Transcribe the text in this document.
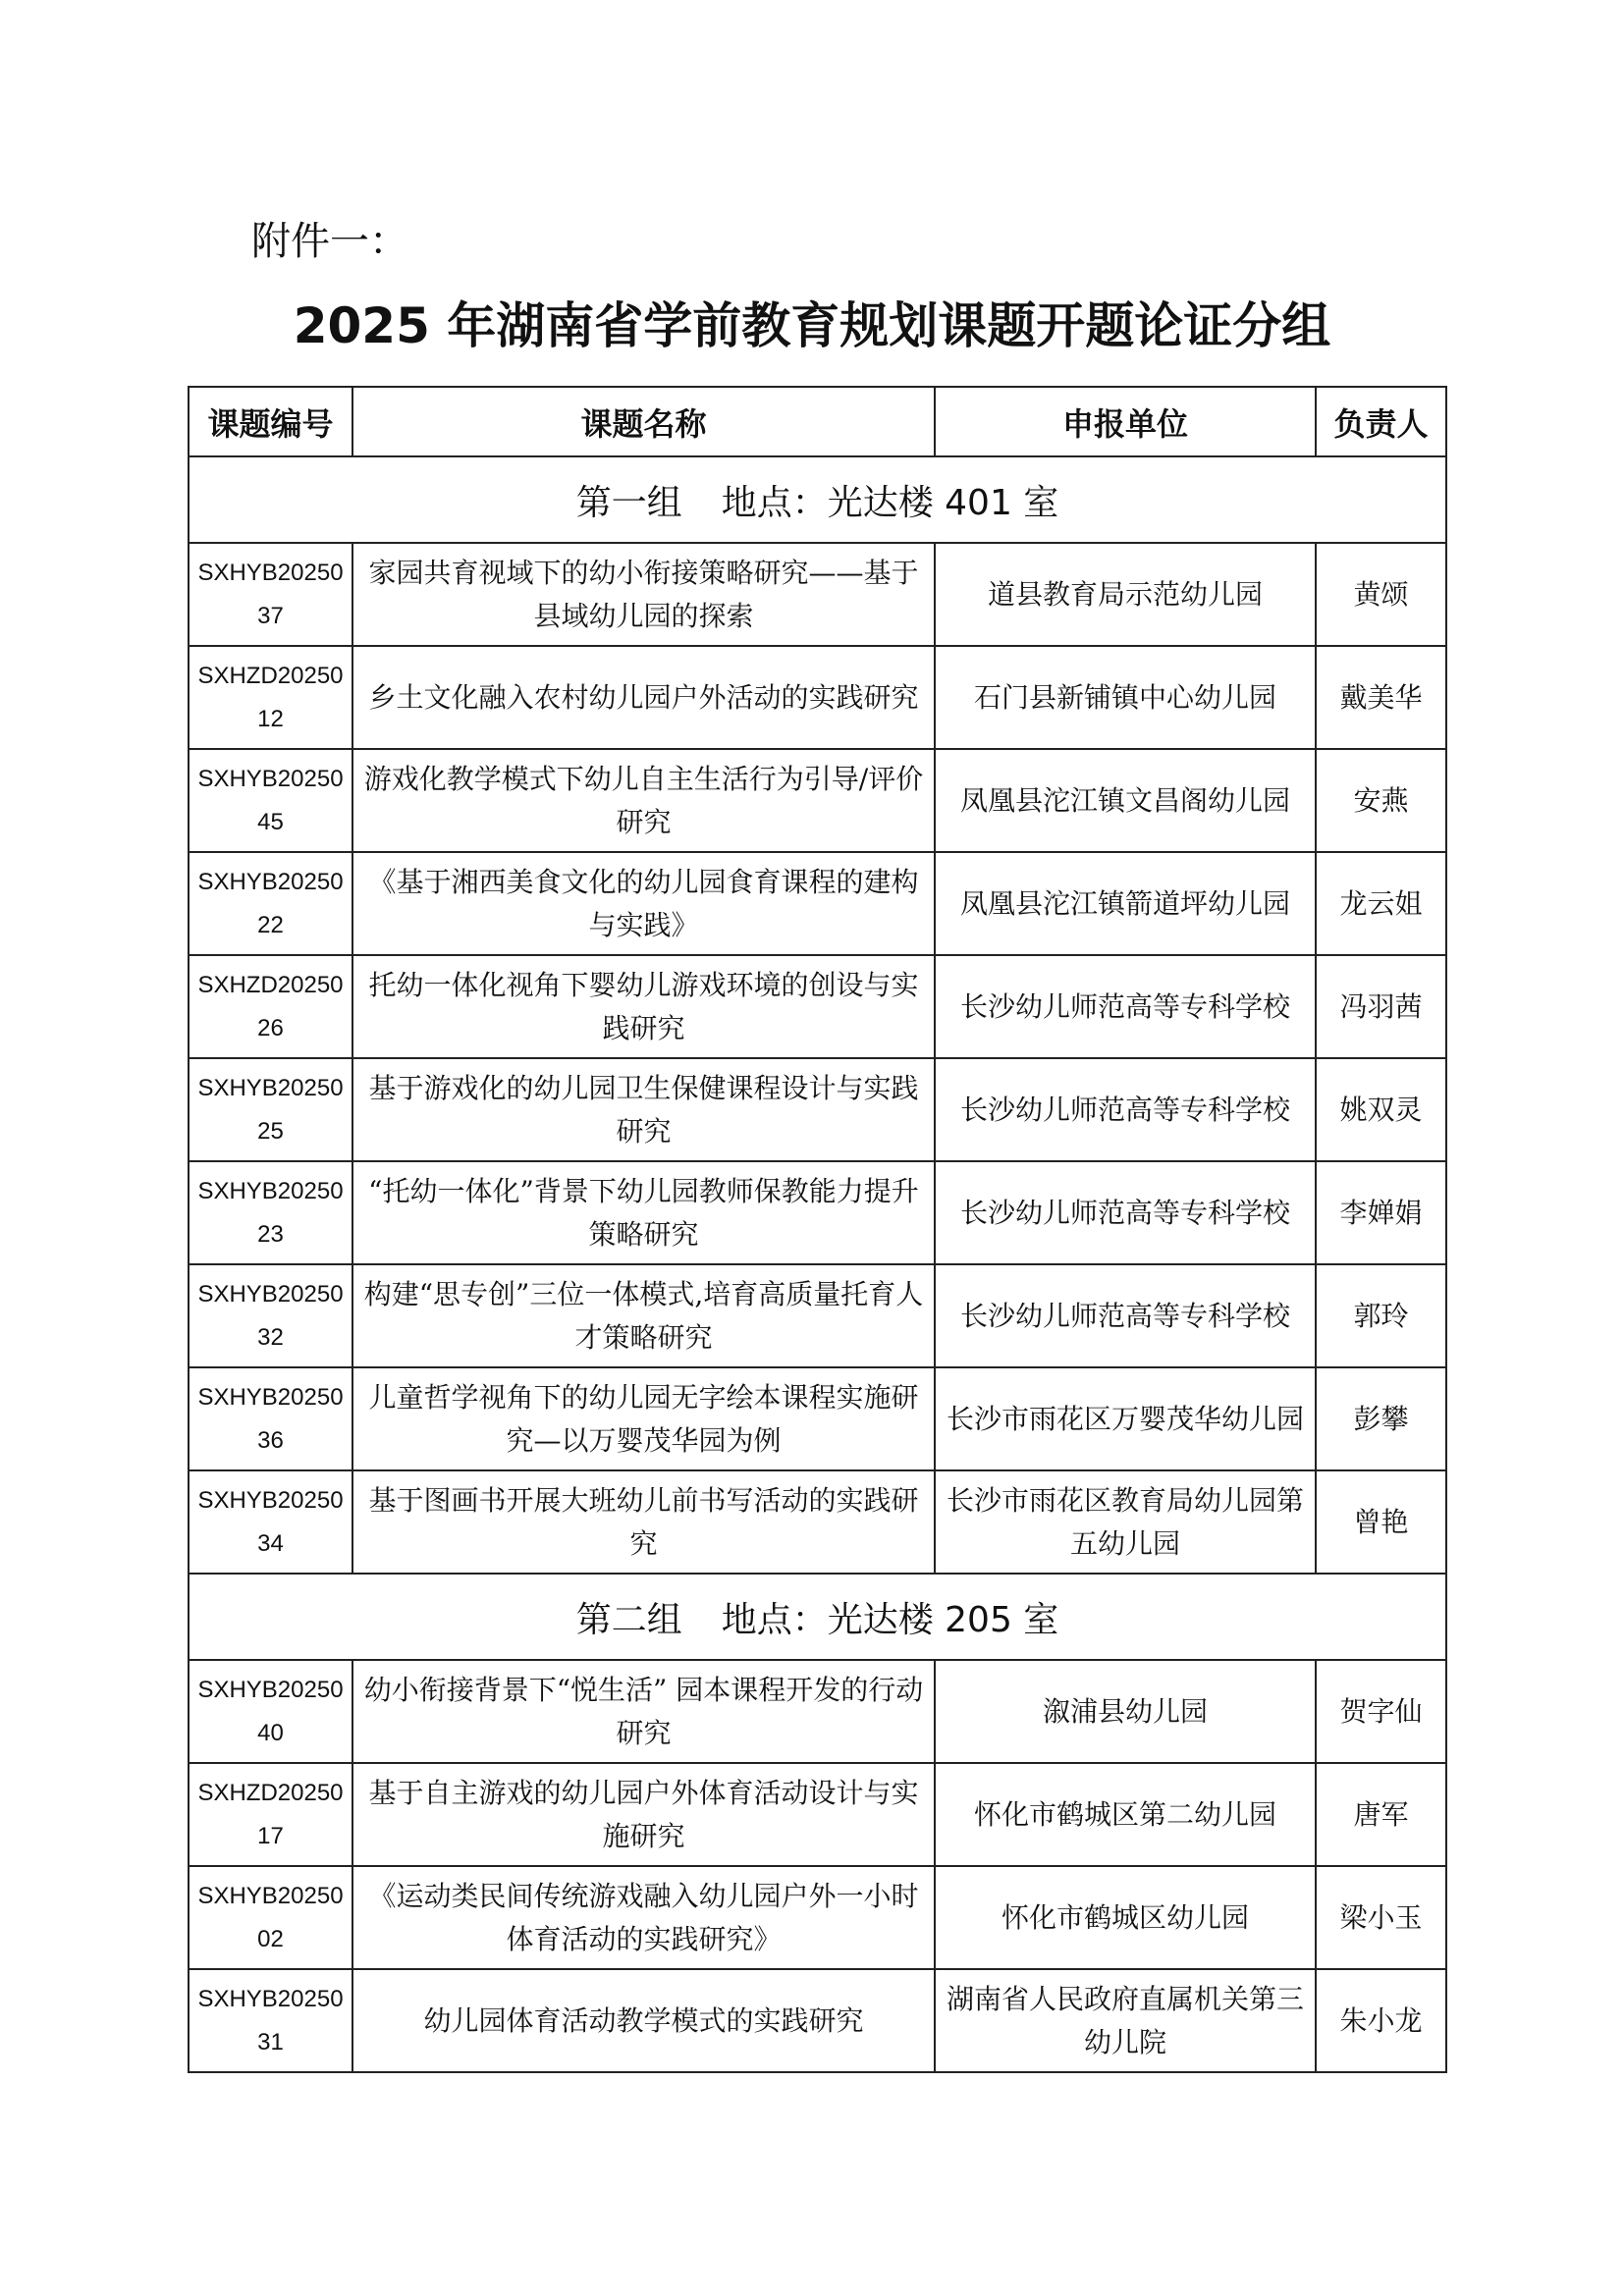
附件一：
2025 年湖南省学前教育规划课题开题论证分组
课题编号	课题名称	申报单位	负责人
第一组 地点：光达楼 401 室			
SXHYB2025037	家园共育视域下的幼小衔接策略研究——基于县域幼儿园的探索	道县教育局示范幼儿园	黄颂
SXHZD2025012	乡土文化融入农村幼儿园户外活动的实践研究	石门县新铺镇中心幼儿园	戴美华
SXHYB2025045	游戏化教学模式下幼儿自主生活行为引导/评价研究	凤凰县沱江镇文昌阁幼儿园	安燕
SXHYB2025022	《基于湘西美食文化的幼儿园食育课程的建构与实践》	凤凰县沱江镇箭道坪幼儿园	龙云姐
SXHZD2025026	托幼一体化视角下婴幼儿游戏环境的创设与实践研究	长沙幼儿师范高等专科学校	冯羽茜
SXHYB2025025	基于游戏化的幼儿园卫生保健课程设计与实践研究	长沙幼儿师范高等专科学校	姚双灵
SXHYB2025023	“托幼一体化”背景下幼儿园教师保教能力提升策略研究	长沙幼儿师范高等专科学校	李婵娟
SXHYB2025032	构建“思专创”三位一体模式,培育高质量托育人才策略研究	长沙幼儿师范高等专科学校	郭玲
SXHYB2025036	儿童哲学视角下的幼儿园无字绘本课程实施研究—以万婴茂华园为例	长沙市雨花区万婴茂华幼儿园	彭攀
SXHYB2025034	基于图画书开展大班幼儿前书写活动的实践研究	长沙市雨花区教育局幼儿园第五幼儿园	曾艳
第二组 地点：光达楼 205 室			
SXHYB2025040	幼小衔接背景下“悦生活” 园本课程开发的行动研究	溆浦县幼儿园	贺字仙
SXHZD2025017	基于自主游戏的幼儿园户外体育活动设计与实施研究	怀化市鹤城区第二幼儿园	唐军
SXHYB2025002	《运动类民间传统游戏融入幼儿园户外一小时体育活动的实践研究》	怀化市鹤城区幼儿园	梁小玉
SXHYB2025031	幼儿园体育活动教学模式的实践研究	湖南省人民政府直属机关第三幼儿院	朱小龙
